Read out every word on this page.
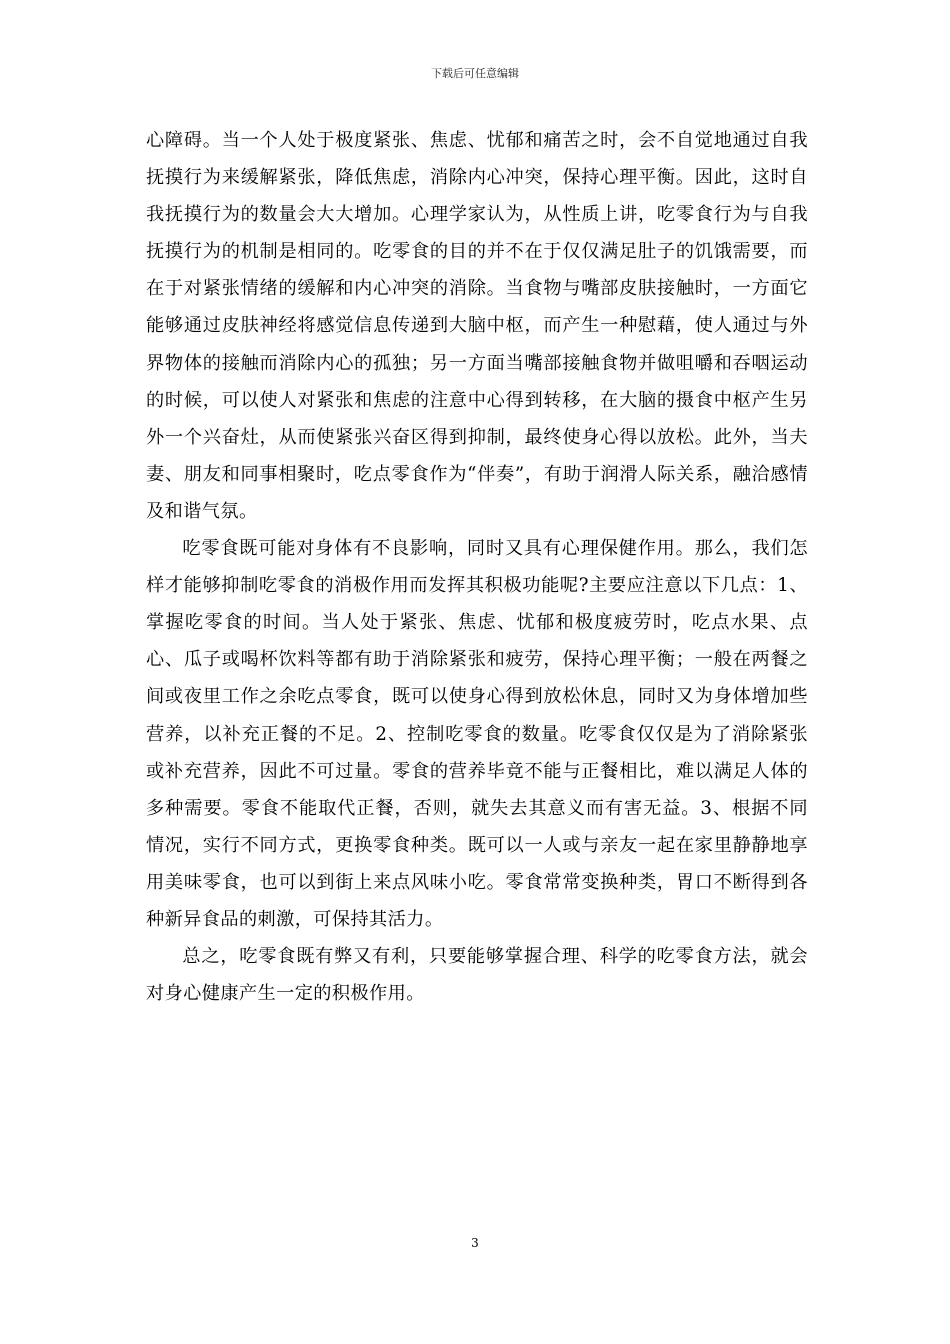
下载后可任意编辑

心障碍。当一个人处于极度紧张、焦虑、忧郁和痛苦之时，会不自觉地通过自我抚摸行为来缓解紧张，降低焦虑，消除内心冲突，保持心理平衡。因此，这时自我抚摸行为的数量会大大增加。心理学家认为，从性质上讲，吃零食行为与自我抚摸行为的机制是相同的。吃零食的目的并不在于仅仅满足肚子的饥饿需要，而在于对紧张情绪的缓解和内心冲突的消除。当食物与嘴部皮肤接触时，一方面它能够通过皮肤神经将感觉信息传递到大脑中枢，而产生一种慰藉，使人通过与外界物体的接触而消除内心的孤独；另一方面当嘴部接触食物并做咀嚼和吞咽运动的时候，可以使人对紧张和焦虑的注意中心得到转移，在大脑的摄食中枢产生另外一个兴奋灶，从而使紧张兴奋区得到抑制，最终使身心得以放松。此外，当夫妻、朋友和同事相聚时，吃点零食作为“伴奏”，有助于润滑人际关系，融洽感情及和谐气氛。

吃零食既可能对身体有不良影响，同时又具有心理保健作用。那么，我们怎样才能够抑制吃零食的消极作用而发挥其积极功能呢?主要应注意以下几点：1、掌握吃零食的时间。当人处于紧张、焦虑、忧郁和极度疲劳时，吃点水果、点心、瓜子或喝杯饮料等都有助于消除紧张和疲劳，保持心理平衡；一般在两餐之间或夜里工作之余吃点零食，既可以使身心得到放松休息，同时又为身体增加些营养，以补充正餐的不足。2、控制吃零食的数量。吃零食仅仅是为了消除紧张或补充营养，因此不可过量。零食的营养毕竟不能与正餐相比，难以满足人体的多种需要。零食不能取代正餐，否则，就失去其意义而有害无益。3、根据不同情况，实行不同方式，更换零食种类。既可以一人或与亲友一起在家里静静地享用美味零食，也可以到街上来点风味小吃。零食常常变换种类，胃口不断得到各种新异食品的刺激，可保持其活力。

总之，吃零食既有弊又有利，只要能够掌握合理、科学的吃零食方法，就会对身心健康产生一定的积极作用。

3
